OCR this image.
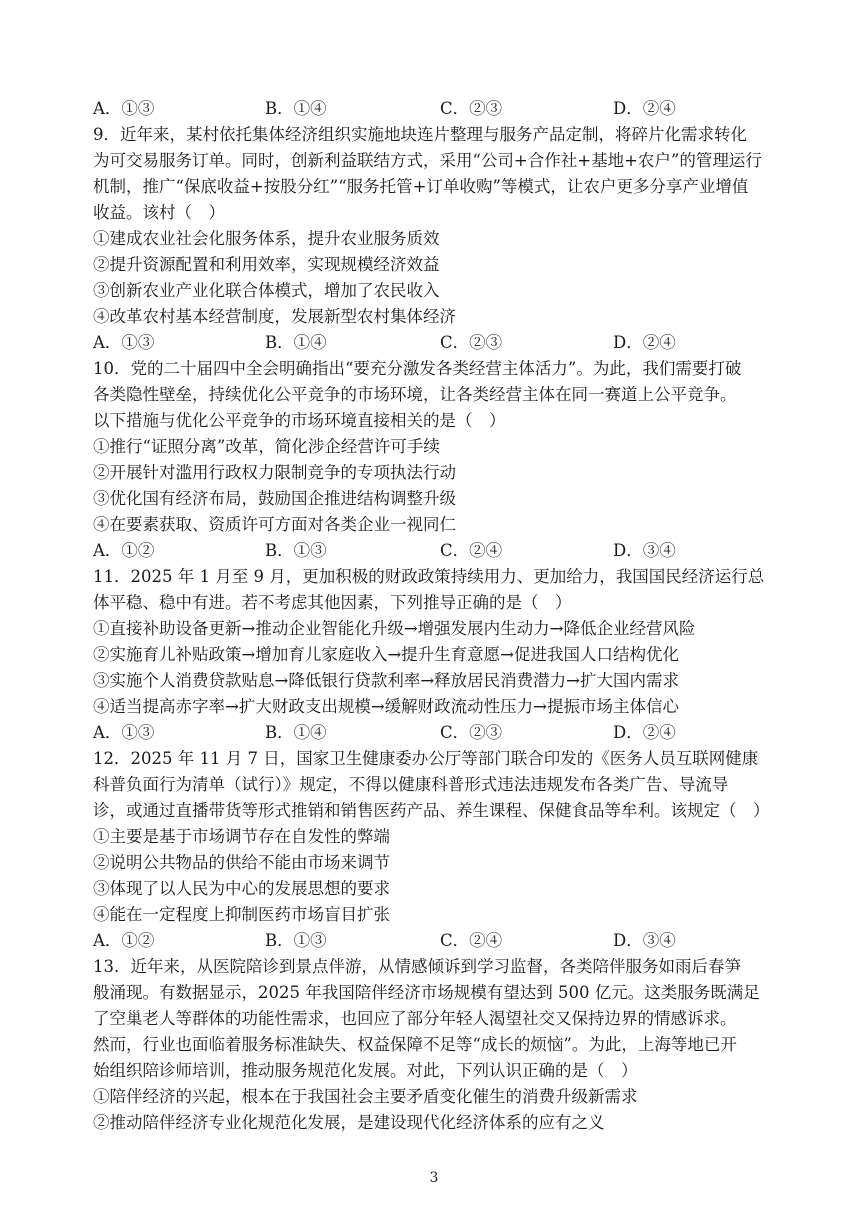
A．①③	B．①④	C．②③	D．②④
9．近年来，某村依托集体经济组织实施地块连片整理与服务产品定制，将碎片化需求转化
为可交易服务订单。同时，创新利益联结方式，采用“公司+合作社+基地+农户”的管理运行
机制，推广“保底收益+按股分红”“服务托管+订单收购”等模式，让农户更多分享产业增值
收益。该村（　）
①建成农业社会化服务体系，提升农业服务质效
②提升资源配置和利用效率，实现规模经济效益
③创新农业产业化联合体模式，增加了农民收入
④改革农村基本经营制度，发展新型农村集体经济
A．①③	B．①④	C．②③	D．②④
10．党的二十届四中全会明确指出“要充分激发各类经营主体活力”。为此，我们需要打破
各类隐性壁垒，持续优化公平竞争的市场环境，让各类经营主体在同一赛道上公平竞争。
以下措施与优化公平竞争的市场环境直接相关的是（　）
①推行“证照分离”改革，简化涉企经营许可手续
②开展针对滥用行政权力限制竞争的专项执法行动
③优化国有经济布局，鼓励国企推进结构调整升级
④在要素获取、资质许可方面对各类企业一视同仁
A．①②	B．①③	C．②④	D．③④
11．2025 年 1 月至 9 月，更加积极的财政政策持续用力、更加给力，我国国民经济运行总
体平稳、稳中有进。若不考虑其他因素，下列推导正确的是（　）
①直接补助设备更新→推动企业智能化升级→增强发展内生动力→降低企业经营风险
②实施育儿补贴政策→增加育儿家庭收入→提升生育意愿→促进我国人口结构优化
③实施个人消费贷款贴息→降低银行贷款利率→释放居民消费潜力→扩大国内需求
④适当提高赤字率→扩大财政支出规模→缓解财政流动性压力→提振市场主体信心
A．①③	B．①④	C．②③	D．②④
12．2025 年 11 月 7 日，国家卫生健康委办公厅等部门联合印发的《医务人员互联网健康
科普负面行为清单（试行）》规定，不得以健康科普形式违法违规发布各类广告、导流导
诊，或通过直播带货等形式推销和销售医药产品、养生课程、保健食品等牟利。该规定（　）
①主要是基于市场调节存在自发性的弊端
②说明公共物品的供给不能由市场来调节
③体现了以人民为中心的发展思想的要求
④能在一定程度上抑制医药市场盲目扩张
A．①②	B．①③	C．②④	D．③④
13．近年来，从医院陪诊到景点伴游，从情感倾诉到学习监督，各类陪伴服务如雨后春笋
般涌现。有数据显示，2025 年我国陪伴经济市场规模有望达到 500 亿元。这类服务既满足
了空巢老人等群体的功能性需求，也回应了部分年轻人渴望社交又保持边界的情感诉求。
然而，行业也面临着服务标准缺失、权益保障不足等“成长的烦恼”。为此，上海等地已开
始组织陪诊师培训，推动服务规范化发展。对此，下列认识正确的是（　）
①陪伴经济的兴起，根本在于我国社会主要矛盾变化催生的消费升级新需求
②推动陪伴经济专业化规范化发展，是建设现代化经济体系的应有之义
3
